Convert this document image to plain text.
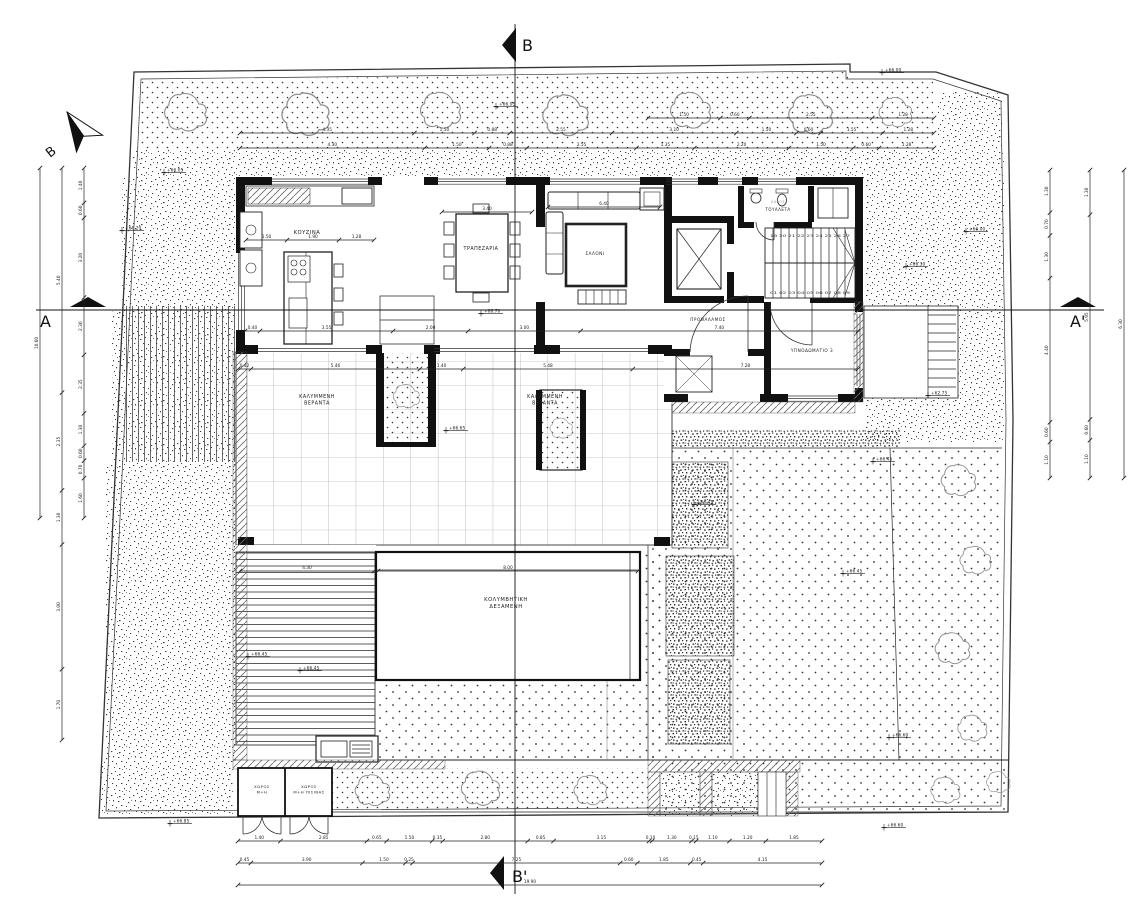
B
B'
A	A'
B
19 20 21 22 23 24 25 26 27
01 02 03 04 05 06 07 08 09
1.50	0.60	2.55	1.28
4.35	1.50	0.88	2.55	3.10	1.50	0.60	1.55	1.28
4.30	1.50	0.88	2.55	1.35	2.20	1.50	0.60	1.28
1.40	2.85	0.65	1.50	0.35	2.80	0.85	3.15	0.10	1.30	0.15 1.10	1.20	1.85
0.45	3.90	1.50	0.25	7.25	0.60	1.85	0.45	4.15
19.90
10.60
5.40
2.35
1.30
3.00
1.70
1.40
0.60
3.20
2.30
2.35
1.30
0.60
0.70
1.60
1.30
0.70
1.30
4.40
0.60
1.10
1.30
5.95
0.60
1.10
6.30
0.40	3.55	2.00	3.00	7.40
0.42	5.46	1.40	5.48	7.28
1.50	1.90	1.28
3.40
6.40
4.30	8.00
+66.05
+66.00
+66.00
+66.30
+66.05
+66.20
+66.70
+66.65
+66.45
+66.45
+66.45
+66.45
+66.60
+66.60
+66.85
+66.45
+62.75
ΚΟΥΖΙΝΑ
ΤΡΑΠΕΖΑΡΙΑ
ΣΑΛΟΝΙ
ΧΩΡΟΣ
ΤΟΥΑΛΕΤΑ
ΠΡΟΘΑΛΑΜΟΣ
ΥΠΝΟΔΩΜΑΤΙΟ 3
ΚΑΛΥΜΜΕΝΗ
ΒΕΡΑΝΤΑ
ΚΑΛΥΜΜΕΝΗ
ΒΕΡΑΝΤΑ
ΚΟΛΥΜΒΗΤΙΚΗ
ΔΕΞΑΜΕΝΗ
ΧΩΡΟΣ
Μ+Η
ΧΩΡΟΣ
Μ+Η ΠΙΣΙΝΑΣ
